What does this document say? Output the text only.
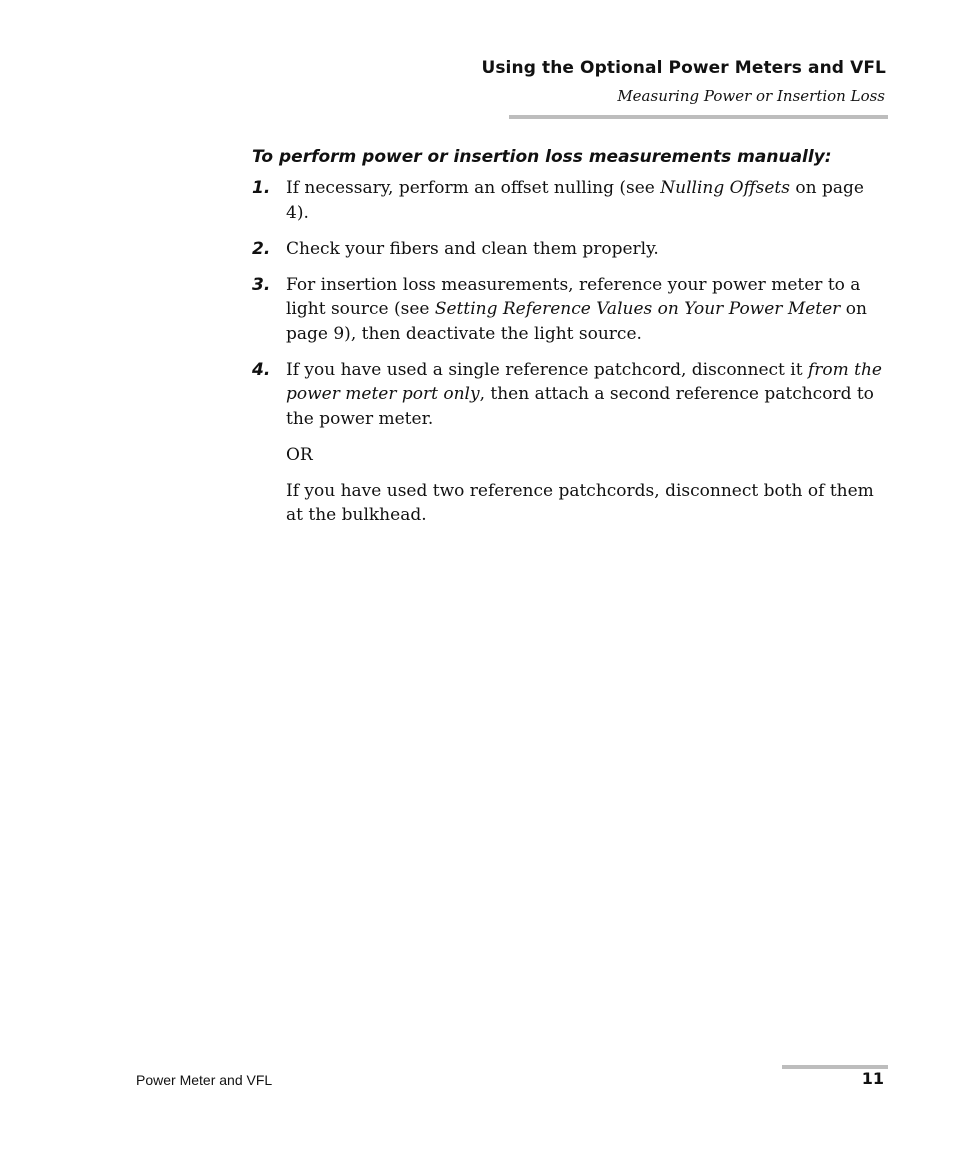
Using the Optional Power Meters and VFL
Measuring Power or Insertion Loss
To perform power or insertion loss measurements manually:
1. If necessary, perform an offset nulling (see Nulling Offsets on page 4).

2. Check your fibers and clean them properly.

3. For insertion loss measurements, reference your power meter to a light source (see Setting Reference Values on Your Power Meter on page 9), then deactivate the light source.

4. If you have used a single reference patchcord, disconnect it from the power meter port only, then attach a second reference patchcord to the power meter.

OR

If you have used two reference patchcords, disconnect both of them at the bulkhead.

Power Meter and VFL	11
